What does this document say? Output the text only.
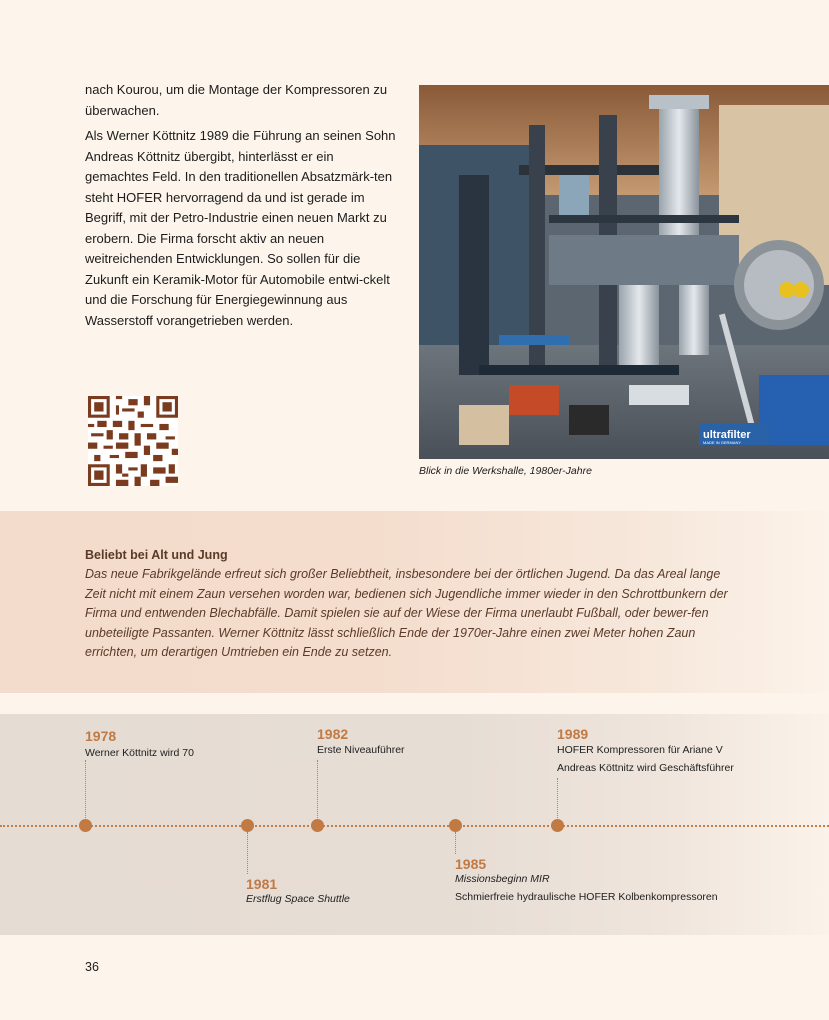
nach Kourou, um die Montage der Kompressoren zu überwachen.

Als Werner Köttnitz 1989 die Führung an seinen Sohn Andreas Köttnitz übergibt, hinterlässt er ein gemachtes Feld. In den traditionellen Absatzmärk-ten steht HOFER hervorragend da und ist gerade im Begriff, mit der Petro-Industrie einen neuen Markt zu erobern. Die Firma forscht aktiv an neuen weitreichenden Entwicklungen. So sollen für die Zukunft ein Keramik-Motor für Automobile entwi-ckelt und die Forschung für Energiegewinnung aus Wasserstoff vorangetrieben werden.

ultrafilter
MADE IN GERMANY
Blick in die Werkshalle, 1980er-Jahre
Beliebt bei Alt und Jung
Das neue Fabrikgelände erfreut sich großer Beliebtheit, insbesondere bei der örtlichen Jugend. Da das Areal lange Zeit nicht mit einem Zaun versehen worden war, bedienen sich Jugendliche immer wieder in den Schrottbunkern der Firma und entwenden Blechabfälle. Damit spielen sie auf der Wiese der Firma unerlaubt Fußball, oder bewer-fen unbeteiligte Passanten. Werner Köttnitz lässt schließlich Ende der 1970er-Jahre einen zwei Meter hohen Zaun errichten, um derartigen Umtrieben ein Ende zu setzen.
1978
Werner Köttnitz wird 70
1981
Erstflug Space Shuttle
1982
Erste Niveauführer
1985
Missionsbeginn MIR
Schmierfreie hydraulische HOFER Kolbenkompressoren
1989
HOFER Kompressoren für Ariane V
Andreas Köttnitz wird Geschäftsführer
36
